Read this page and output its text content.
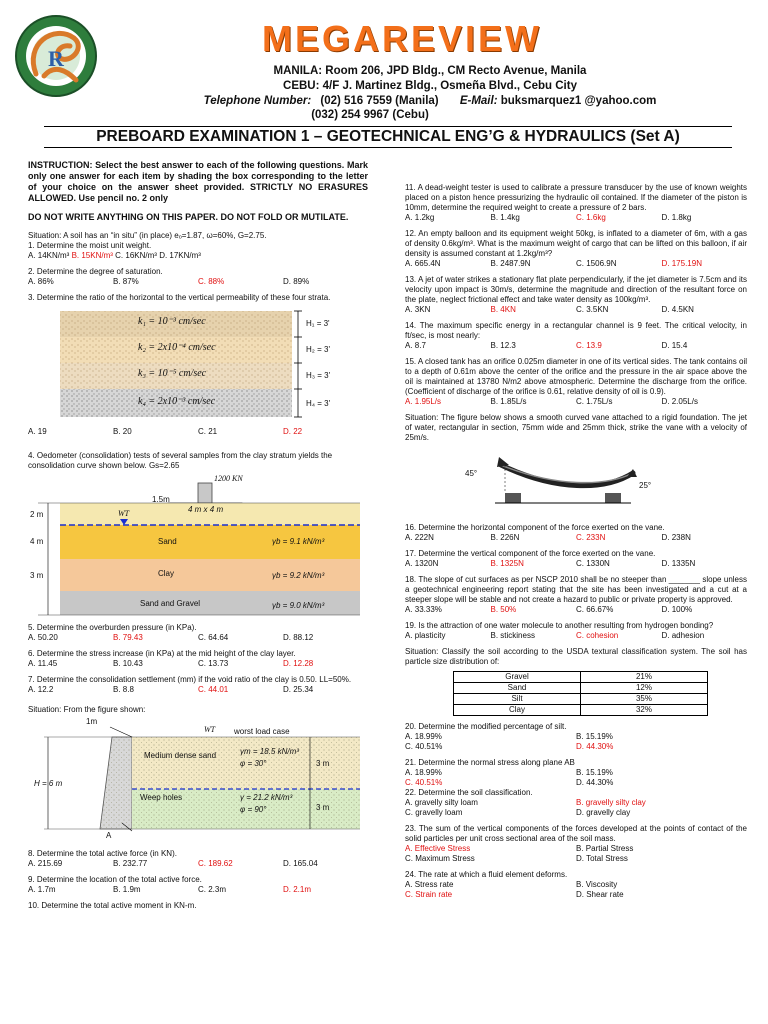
R	MEGAREVIEW
MANILA: Room 206, JPD Bldg., CM Recto Avenue, Manila
CEBU: 4/F J. Martinez Bldg., Osmeña Blvd., Cebu City
Telephone Number: (02) 516 7559 (Manila) E-Mail: buksmarquez1 @yahoo.com
(032) 254 9967 (Cebu)
PREBOARD EXAMINATION 1 – GEOTECHNICAL ENG’G & HYDRAULICS (Set A)

INSTRUCTION: Select the best answer to each of the following questions. Mark only one answer for each item by shading the box corresponding to the letter of your choice on the answer sheet provided. STRICTLY NO ERASURES ALLOWED. Use pencil no. 2 only

DO NOT WRITE ANYTHING ON THIS PAPER. DO NOT FOLD OR MUTILATE.

Situation: A soil has an “in situ” (in place) eₒ=1.87, ω=60%, G=2.75.
1. Determine the moist unit weight.
A. 14KN/m³ B. 15KN/m³ C. 16KN/m³ D. 17KN/m³
2. Determine the degree of saturation.
A. 86%	B. 87%	C. 88%	D. 89%
3. Determine the ratio of the horizontal to the vertical permeability of these four strata.
k₁ = 10⁻³ cm/sec
k₂ = 2x10⁻⁴ cm/sec
k₃ = 10⁻⁵ cm/sec
k₄ = 2x10⁻³ cm/sec
H₁ = 3'
H₂ = 3'
H₃ = 3'
H₄ = 3'
A. 19	B. 20	C. 21	D. 22
4. Oedometer (consolidation) tests of several samples from the clay stratum yields the consolidation curve shown below. Gs=2.65
1200 KN
1.5m
4 m x 4 m
WT
2 m
4 m
3 m
Sand
Clay
Sand and Gravel
γb = 9.1 kN/m³
γb = 9.2 kN/m³
γb = 9.0 kN/m³
5. Determine the overburden pressure (in KPa).
A. 50.20	B. 79.43	C. 64.64	D. 88.12
6. Determine the stress increase (in KPa) at the mid height of the clay layer.
A. 11.45	B. 10.43	C. 13.73	D. 12.28
7. Determine the consolidation settlement (mm) if the void ratio of the clay is 0.50. LL=50%.
A. 12.2	B. 8.8	C. 44.01	D. 25.34
Situation: From the figure shown:
1m
WT worst load case
Medium dense sand
Weep holes
H = 6 m
γm = 18.5 kN/m³
φ = 30°
γ = 21.2 kN/m³
φ = 90°
3 m
3 m
A
8. Determine the total active force (in KN).
A. 215.69	B. 232.77	C. 189.62	D. 165.04
9. Determine the location of the total active force.
A. 1.7m	B. 1.9m	C. 2.3m	D. 2.1m
10. Determine the total active moment in KN-m.
11. A dead-weight tester is used to calibrate a pressure transducer by the use of known weights placed on a piston hence pressurizing the hydraulic oil contained. If the diameter of the piston is 10mm, determine the required weight to create a pressure of 2 bars.
A. 1.2kg	B. 1.4kg	C. 1.6kg	D. 1.8kg
12. An empty balloon and its equipment weight 50kg, is inflated to a diameter of 6m, with a gas of density 0.6kg/m³. What is the maximum weight of cargo that can be lifted on this balloon, if air density is assumed constant at 1.2kg/m³?
A. 665.4N	B. 2487.9N	C. 1506.9N	D. 175.19N
13. A jet of water strikes a stationary flat plate perpendicularly, if the jet diameter is 7.5cm and its velocity upon impact is 30m/s, determine the magnitude and direction of the resultant force on the plate, neglect frictional effect and take water density as 100kg/m³.
A. 3KN	B. 4KN	C. 3.5KN	D. 4.5KN
14. The maximum specific energy in a rectangular channel is 9 feet. The critical velocity, in ft/sec, is most nearly:
A. 8.7	B. 12.3	C. 13.9	D. 15.4
15. A closed tank has an orifice 0.025m diameter in one of its vertical sides. The tank contains oil to a depth of 0.61m above the center of the orifice and the pressure in the air space above the oil is maintained at 13780 N/m2 above atmospheric. Determine the discharge from the orifice. (Coefficient of discharge of the orifice is 0.61, relative density of oil is 0.9).
A. 1.95L/s	B. 1.85L/s	C. 1.75L/s	D. 2.05L/s
Situation: The figure below shows a smooth curved vane attached to a rigid foundation. The jet of water, rectangular in section, 75mm wide and 25mm thick, strike the vane with a velocity of 25m/s.
45°
25°
16. Determine the horizontal component of the force exerted on the vane.
A. 222N	B. 226N	C. 233N	D. 238N
17. Determine the vertical component of the force exerted on the vane.
A. 1320N	B. 1325N	C. 1330N	D. 1335N
18. The slope of cut surfaces as per NSCP 2010 shall be no steeper than _______ slope unless a geotechnical engineering report stating that the site has been investigated and a cut at a steeper slope will be stable and not create a hazard to public or private property is approved.
A. 33.33%	B. 50%	C. 66.67%	D. 100%
19. Is the attraction of one water molecule to another resulting from hydrogen bonding?
A. plasticity	B. stickiness	C. cohesion	D. adhesion
Situation: Classify the soil according to the USDA textural classification system. The soil has particle size distribution of:
Gravel	21%
Sand	12%
Silt	35%
Clay	32%
20. Determine the modified percentage of silt.
A. 18.99%	B. 15.19%
C. 40.51%	D. 44.30%
21. Determine the normal stress along plane AB
A. 18.99%	B. 15.19%
C. 40.51%	D. 44.30%
22. Determine the soil classification.
A. gravelly silty loam	B. gravelly silty clay
C. gravelly loam	D. gravelly clay
23. The sum of the vertical components of the forces developed at the points of contact of the solid particles per unit cross sectional area of the soil mass.
A. Effective Stress	B. Partial Stress
C. Maximum Stress	D. Total Stress
24. The rate at which a fluid element deforms.
A. Stress rate	B. Viscosity
C. Strain rate	D. Shear rate
